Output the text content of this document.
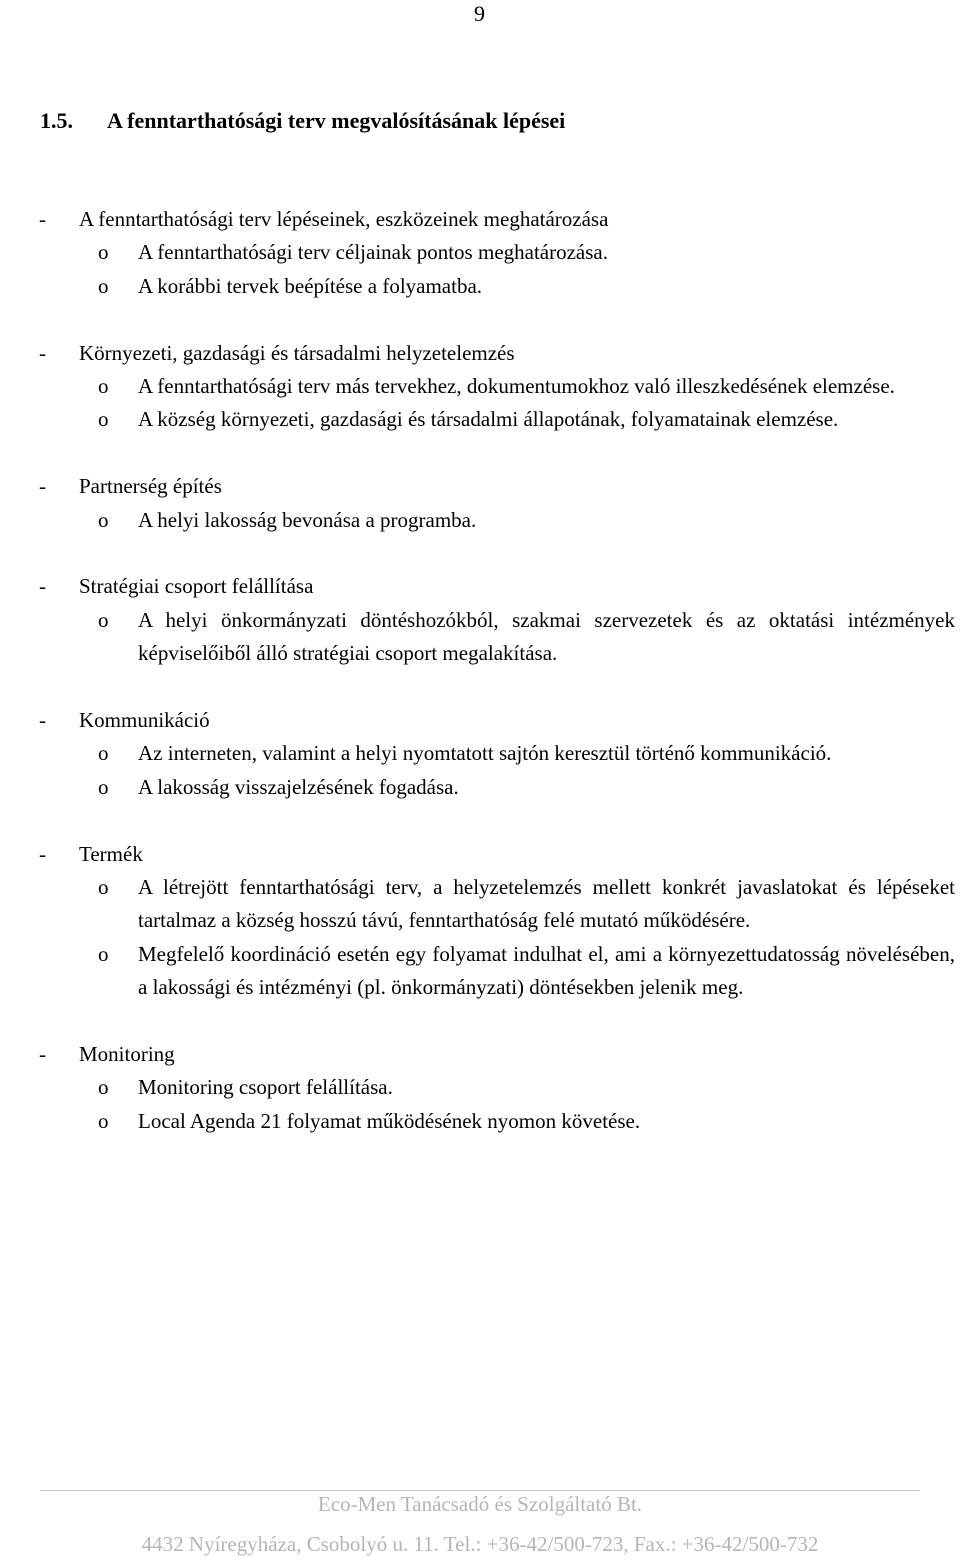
9
1.5. A fenntarthatósági terv megvalósításának lépései
- A fenntarthatósági terv lépéseinek, eszközeinek meghatározása
o A fenntarthatósági terv céljainak pontos meghatározása.
o A korábbi tervek beépítése a folyamatba.
- Környezeti, gazdasági és társadalmi helyzetelemzés
o A fenntarthatósági terv más tervekhez, dokumentumokhoz való illeszkedésének elemzése.
o A község környezeti, gazdasági és társadalmi állapotának, folyamatainak elemzése.
- Partnerség építés
o A helyi lakosság bevonása a programba.
- Stratégiai csoport felállítása
o A helyi önkormányzati döntéshozókból, szakmai szervezetek és az oktatási intézmények képviselőiből álló stratégiai csoport megalakítása.
- Kommunikáció
o Az interneten, valamint a helyi nyomtatott sajtón keresztül történő kommunikáció.
o A lakosság visszajelzésének fogadása.
- Termék
o A létrejött fenntarthatósági terv, a helyzetelemzés mellett konkrét javaslatokat és lépéseket tartalmaz a község hosszú távú, fenntarthatóság felé mutató működésére.
o Megfelelő koordináció esetén egy folyamat indulhat el, ami a környezettudatosság növelésében, a lakossági és intézményi (pl. önkormányzati) döntésekben jelenik meg.
- Monitoring
o Monitoring csoport felállítása.
o Local Agenda 21 folyamat működésének nyomon követése.
Eco-Men Tanácsadó és Szolgáltató Bt.
4432 Nyíregyháza, Csobolyó u. 11. Tel.: +36-42/500-723, Fax.: +36-42/500-732
